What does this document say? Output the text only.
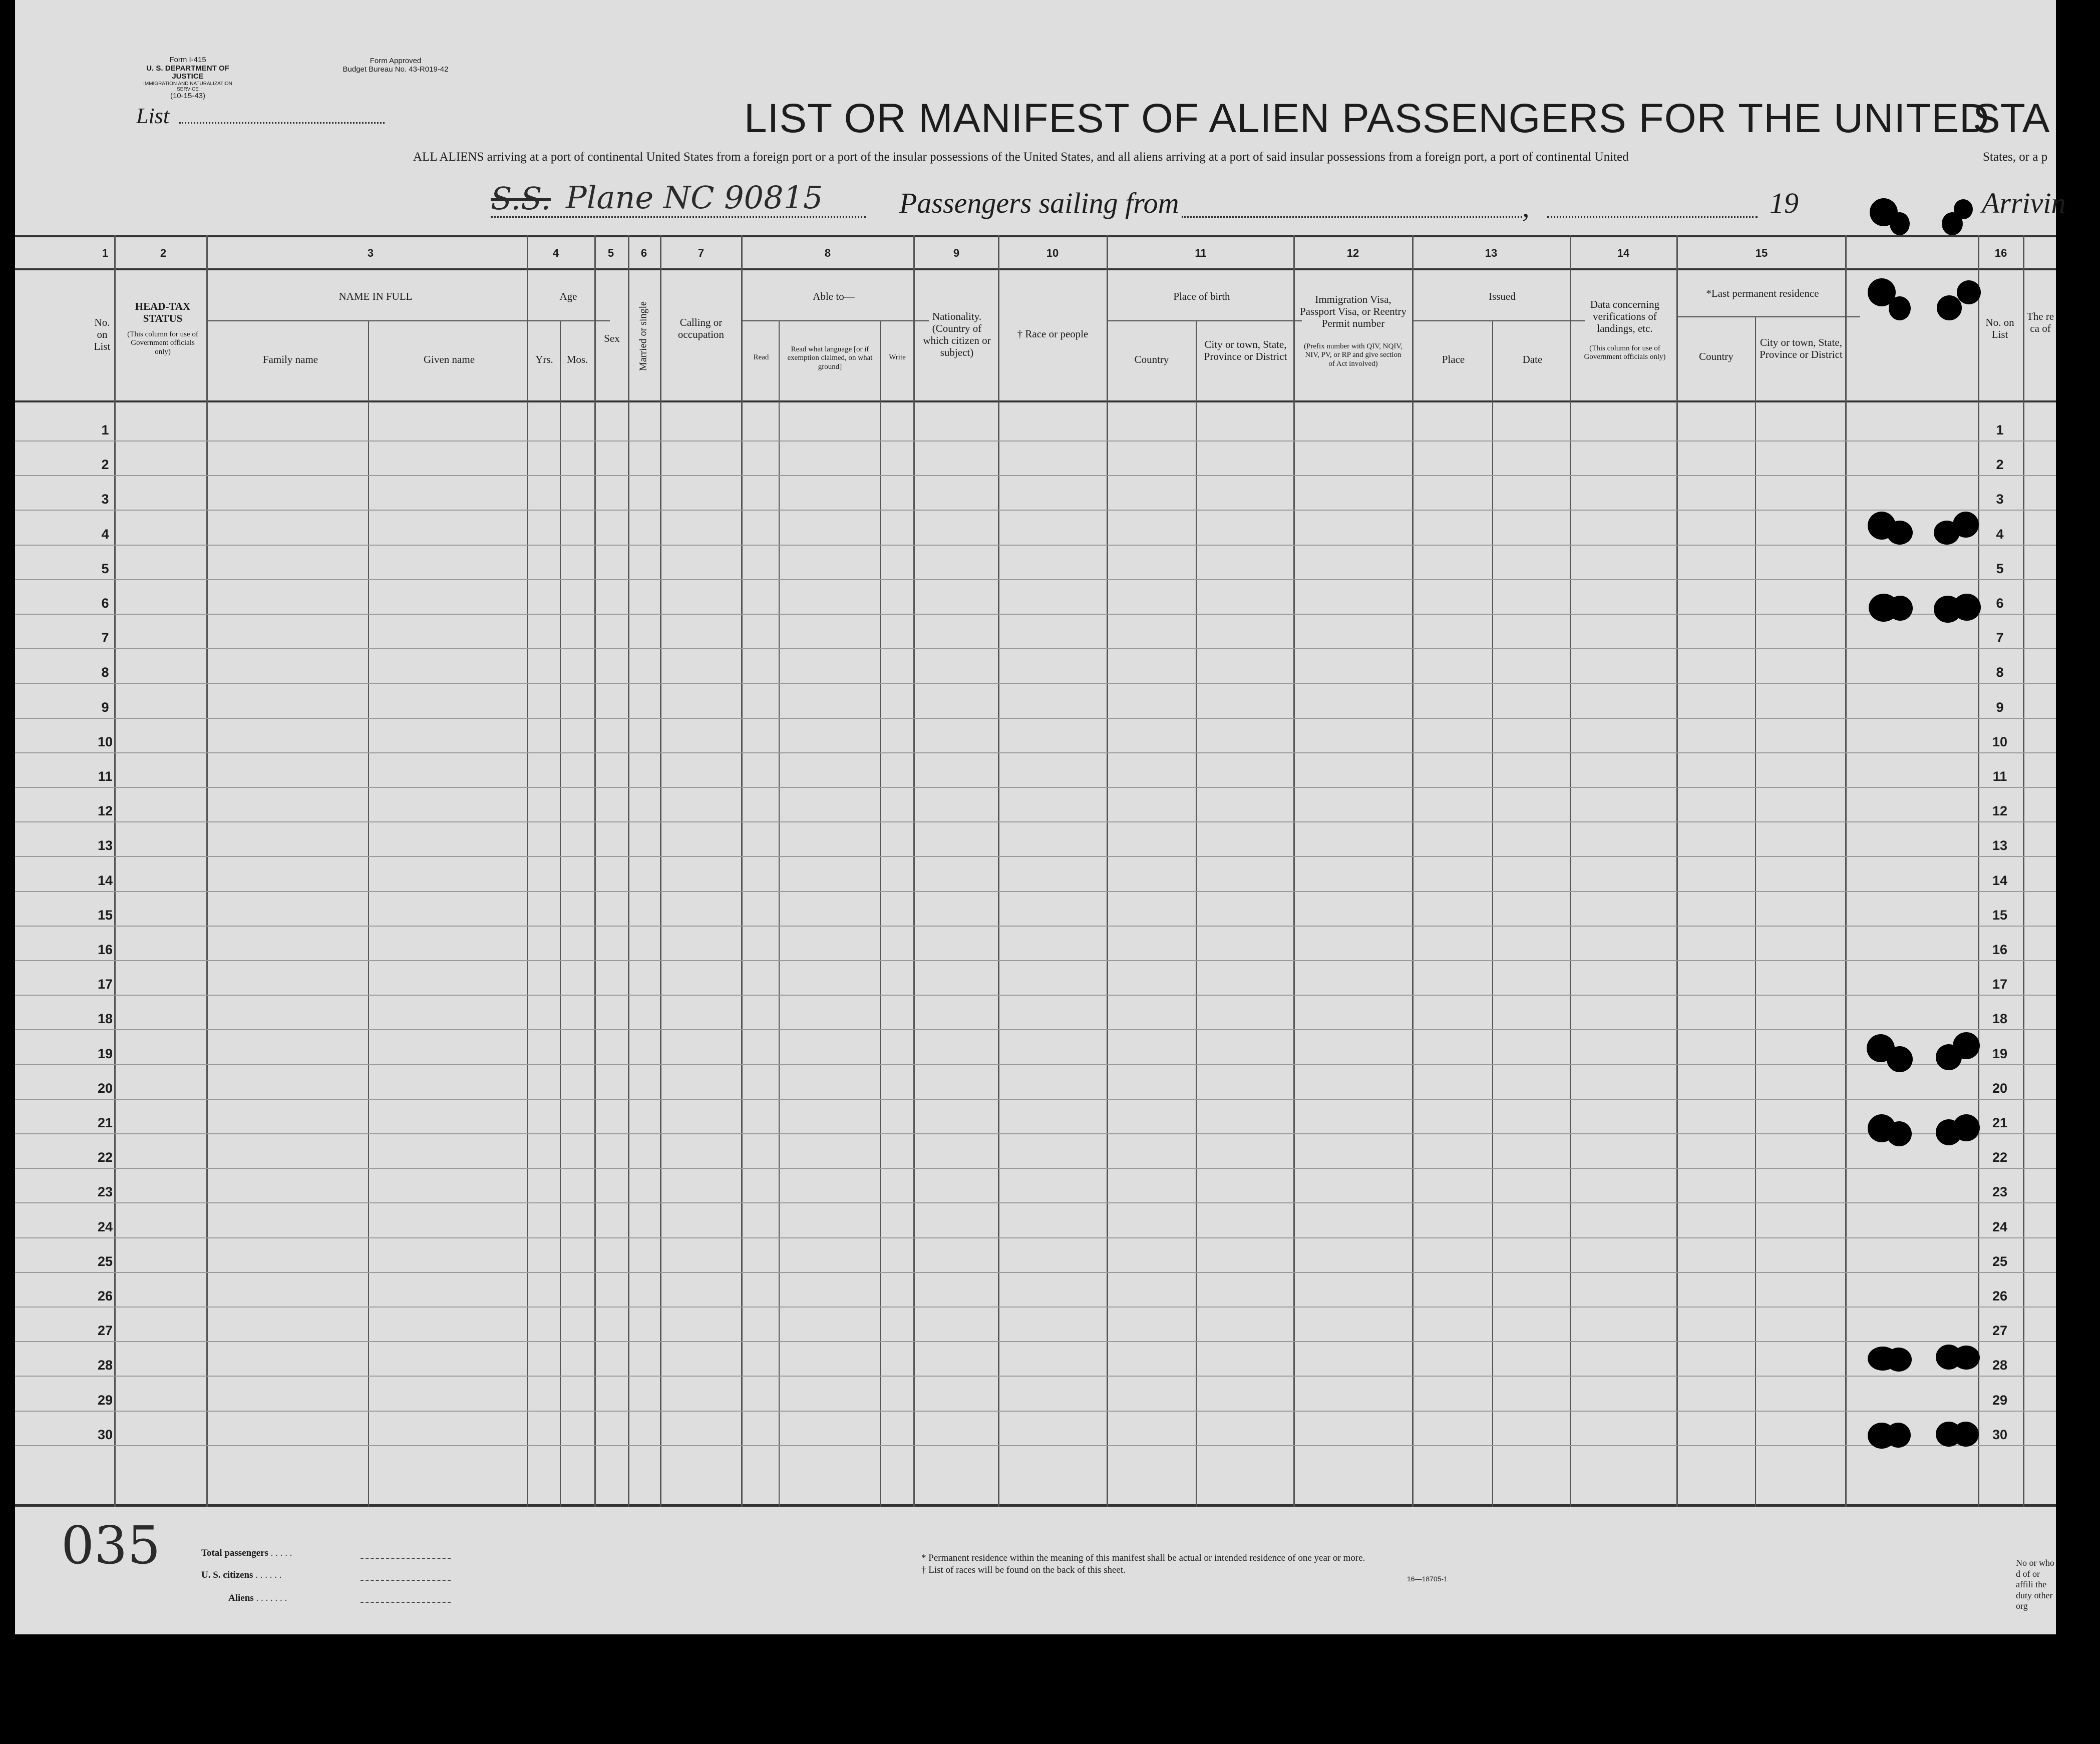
Form I-415
U. S. DEPARTMENT OF JUSTICE
IMMIGRATION AND NATURALIZATION SERVICE
(10-15-43)
Form Approved
Budget Bureau No. 43-R019-42
List	LIST OR MANIFEST OF ALIEN PASSENGERS FOR THE UNITED
STA
ALL ALIENS arriving at a port of continental United States from a foreign port or a port of the insular possessions of the United States, and all aliens arriving at a port of said insular possessions from a foreign port, a port of continental United	States, or a p
S.S. Plane NC 90815	Passengers sailing from	,	19	Arrivin
1	2	3	4	5	6	7	8	9	10	11	12	13	14	15	16
No. on List
HEAD-TAX STATUS
(This column for use of Government officials only)
NAME IN FULL
Family name	Given name
Age
Yrs.	Mos.
Sex	Married or single	Calling or occupation
Able to—
Read
Read what language [or if exemption claimed, on what ground]
Write
Nationality. (Country of which citizen or subject)
† Race or people
Place of birth
Country
City or town, State, Province or District
Immigration Visa, Passport Visa, or Reentry Permit number
(Prefix number with QIV, NQIV, NIV, PV, or RP and give section of Act involved)
Issued
Place	Date
Data concerning verifications of landings, etc.
(This column for use of Government officials only)
*Last permanent residence
Country
City or town, State, Province or District
No. on List
The re ca of
1	1
2	2
3	3
4	4
5	5
6	6
7	7
8	8
9	9
10	10
11	11
12	12
13	13
14	14
15	15
16	16
17	17
18	18
19	19
20	20
21	21
22	22
23	23
24	24
25	25
26	26
27	27
28	28
29	29
30	30
035	Total passengers . . . . .
U. S. citizens . . . . . .
Aliens . . . . . . .
* Permanent residence within the meaning of this manifest shall be actual or intended residence of one year or more.
† List of races will be found on the back of this sheet.
16—18705-1
No or who d of or affili the duty other org
